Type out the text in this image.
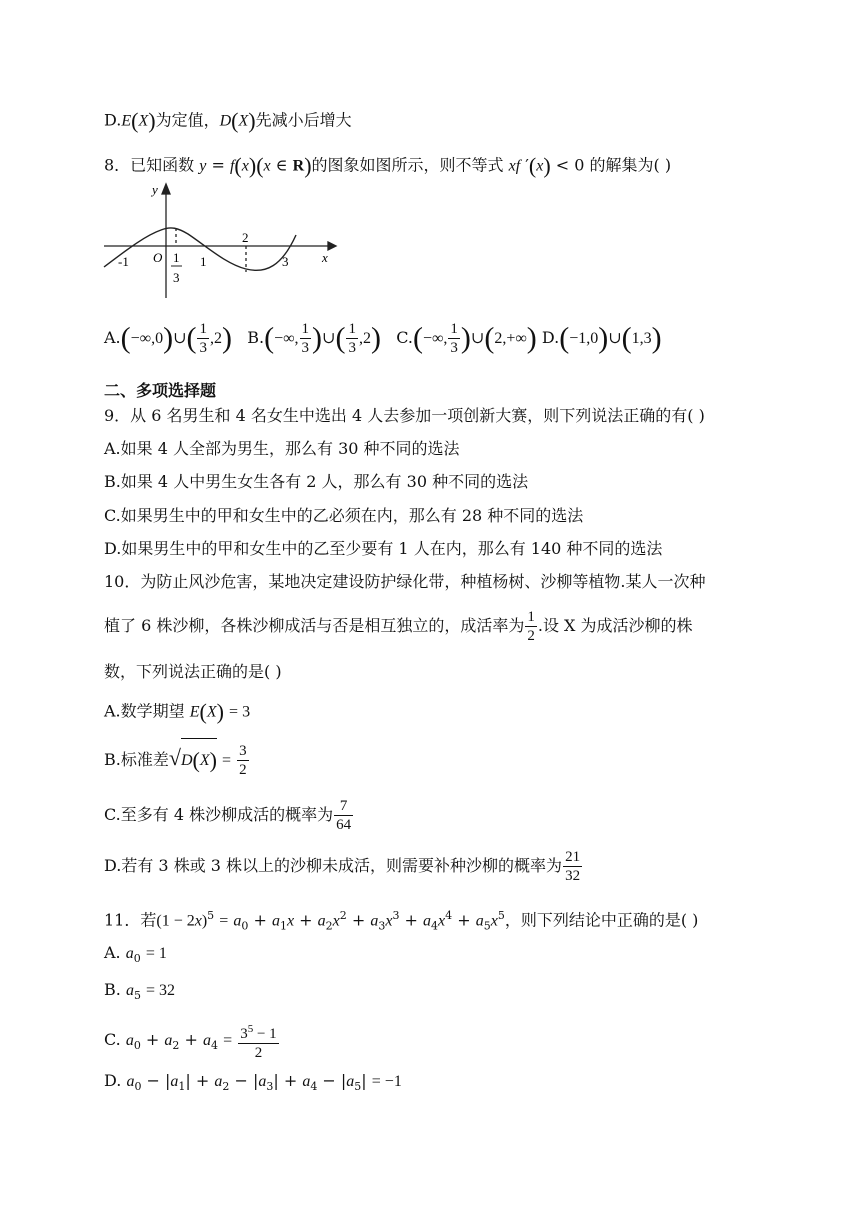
D.E(X)为定值，D(X)先减小后增大
8．已知函数 y = f(x)(x ∈ R)的图象如图所示，则不等式 xf ′(x) < 0 的解集为( )
x
y
O
-1	1	3
2
1
3
A.(−∞,0)∪( $\frac{1}{3} ,2$) B.(−∞, $\frac{1}{3}$ )∪( $\frac{1}{3} ,2$) C.(−∞, $\frac{1}{3}$ )∪(2,+∞) D.(−1,0)∪(1,3)
二、多项选择题
9．从 6 名男生和 4 名女生中选出 4 人去参加一项创新大赛，则下列说法正确的有( )
A.如果 4 人全部为男生，那么有 30 种不同的选法
B.如果 4 人中男生女生各有 2 人，那么有 30 种不同的选法
C.如果男生中的甲和女生中的乙必须在内，那么有 28 种不同的选法
D.如果男生中的甲和女生中的乙至少要有 1 人在内，那么有 140 种不同的选法
10．为防止风沙危害，某地决定建设防护绿化带，种植杨树、沙柳等植物.某人一次种
植了 6 株沙柳，各株沙柳成活与否是相互独立的，成活率为 $\frac{1}{2}$ .设 X 为成活沙柳的株
数，下列说法正确的是( )
A.数学期望 E(X) = 3
B.标准差$√D(X) = \frac{3}{2}$
C.至多有 4 株沙柳成活的概率为 $\frac{7}{64}$
D.若有 3 株或 3 株以上的沙柳未成活，则需要补种沙柳的概率为 $\frac{21}{32}$
11．若$(1 - 2x)^5 = a_0 + a_1x + a_2x^2 + a_3x^3 + a_4x^4 + a_5x^5$，则下列结论中正确的是( )
A. $a_0 = 1$
B. $a_5 = 32$
C. $a_0 + a_2 + a_4 = \frac{3^5 - 1}{2}$
D. $a_0 - |a_1| + a_2 - |a_3| + a_4 - |a_5| = -1$
